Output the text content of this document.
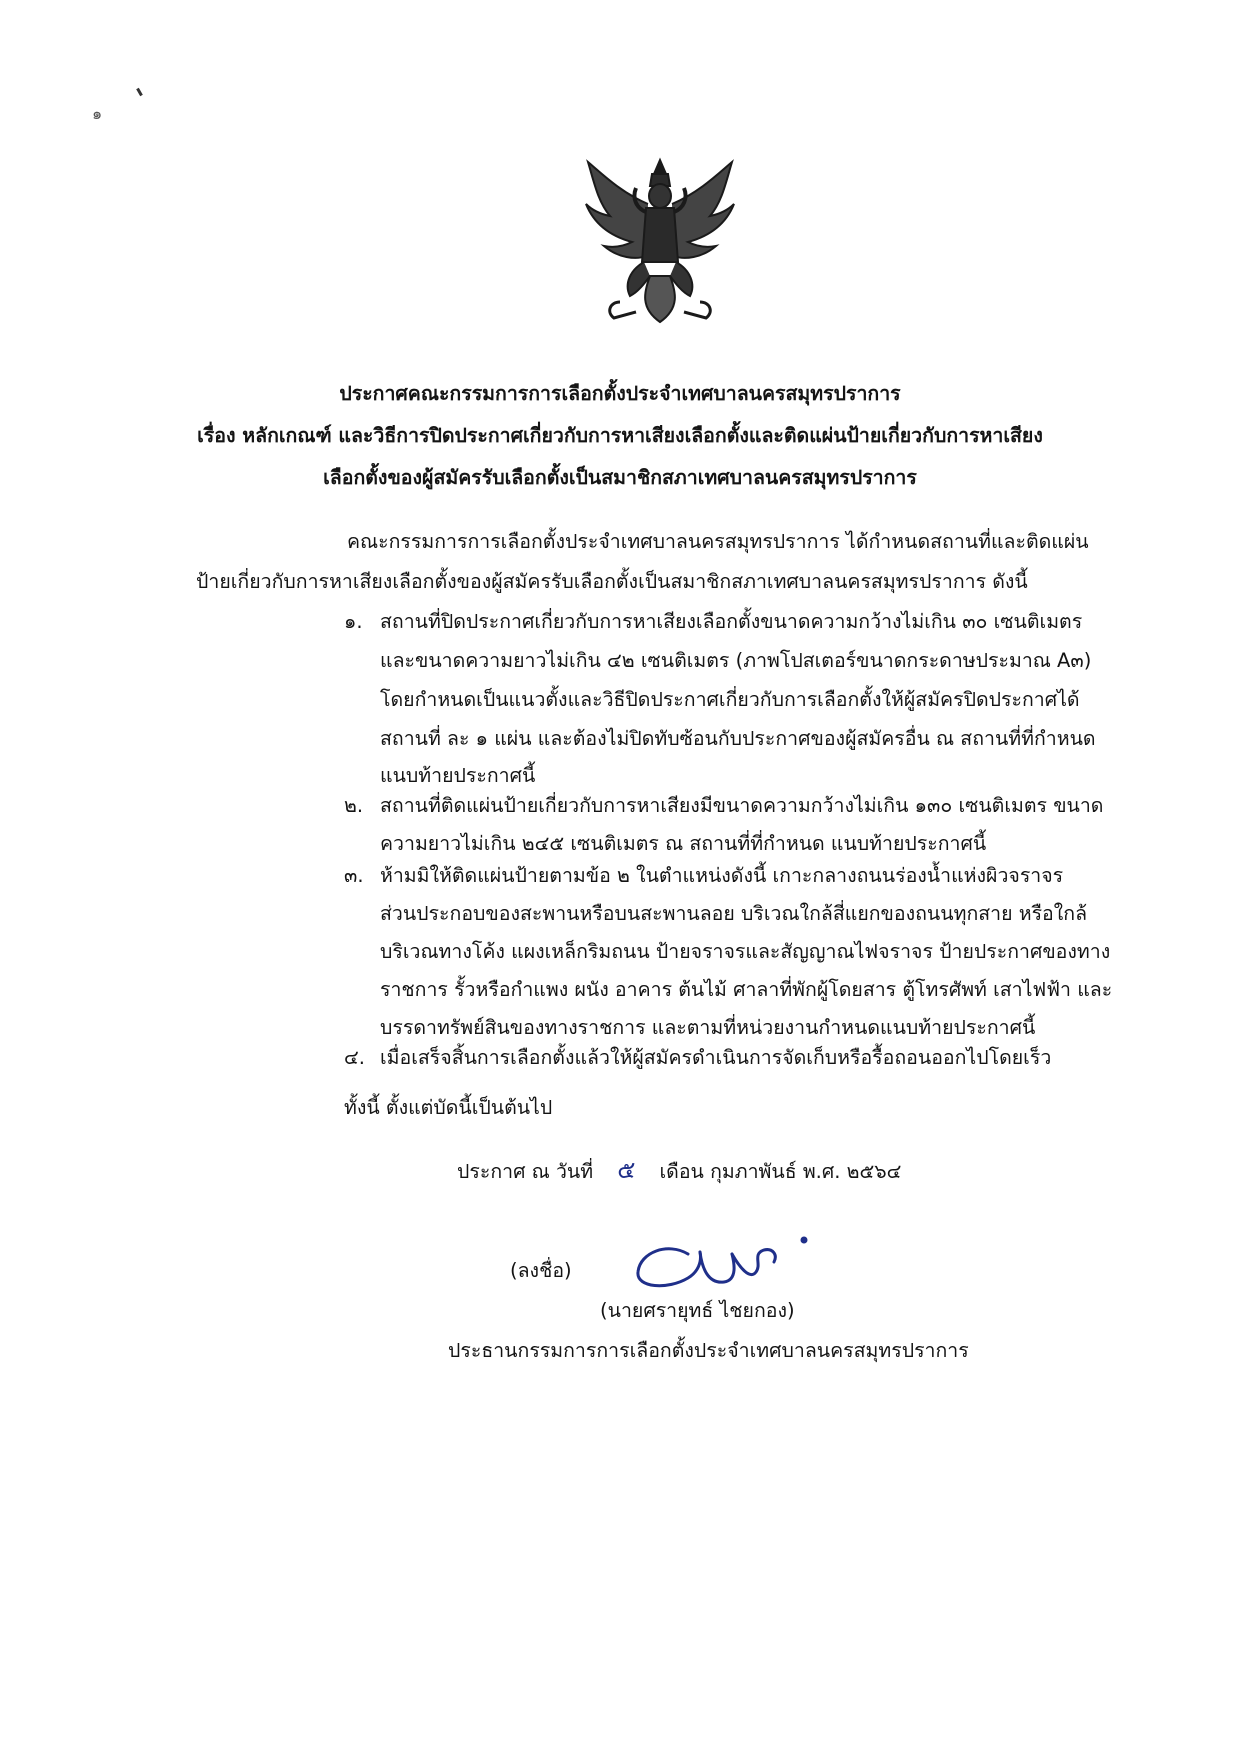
๑
ประกาศคณะกรรมการการเลือกตั้งประจำเทศบาลนครสมุทรปราการ
เรื่อง หลักเกณฑ์ และวิธีการปิดประกาศเกี่ยวกับการหาเสียงเลือกตั้งและติดแผ่นป้ายเกี่ยวกับการหาเสียง
เลือกตั้งของผู้สมัครรับเลือกตั้งเป็นสมาชิกสภาเทศบาลนครสมุทรปราการ
คณะกรรมการการเลือกตั้งประจำเทศบาลนครสมุทรปราการ ได้กำหนดสถานที่และติดแผ่น
ป้ายเกี่ยวกับการหาเสียงเลือกตั้งของผู้สมัครรับเลือกตั้งเป็นสมาชิกสภาเทศบาลนครสมุทรปราการ ดังนี้
๑. สถานที่ปิดประกาศเกี่ยวกับการหาเสียงเลือกตั้งขนาดความกว้างไม่เกิน ๓๐ เซนติเมตร
และขนาดความยาวไม่เกิน ๔๒ เซนติเมตร (ภาพโปสเตอร์ขนาดกระดาษประมาณ A๓)
โดยกำหนดเป็นแนวตั้งและวิธีปิดประกาศเกี่ยวกับการเลือกตั้งให้ผู้สมัครปิดประกาศได้
สถานที่ ละ ๑ แผ่น และต้องไม่ปิดทับซ้อนกับประกาศของผู้สมัครอื่น ณ สถานที่ที่กำหนด
แนบท้ายประกาศนี้
๒. สถานที่ติดแผ่นป้ายเกี่ยวกับการหาเสียงมีขนาดความกว้างไม่เกิน ๑๓๐ เซนติเมตร ขนาด
ความยาวไม่เกิน ๒๔๕ เซนติเมตร ณ สถานที่ที่กำหนด แนบท้ายประกาศนี้
๓. ห้ามมิให้ติดแผ่นป้ายตามข้อ ๒ ในตำแหน่งดังนี้ เกาะกลางถนนร่องน้ำแห่งผิวจราจร
ส่วนประกอบของสะพานหรือบนสะพานลอย บริเวณใกล้สี่แยกของถนนทุกสาย หรือใกล้
บริเวณทางโค้ง แผงเหล็กริมถนน ป้ายจราจรและสัญญาณไฟจราจร ป้ายประกาศของทาง
ราชการ รั้วหรือกำแพง ผนัง อาคาร ต้นไม้ ศาลาที่พักผู้โดยสาร ตู้โทรศัพท์ เสาไฟฟ้า และ
บรรดาทรัพย์สินของทางราชการ และตามที่หน่วยงานกำหนดแนบท้ายประกาศนี้
๔. เมื่อเสร็จสิ้นการเลือกตั้งแล้วให้ผู้สมัครดำเนินการจัดเก็บหรือรื้อถอนออกไปโดยเร็ว
ทั้งนี้ ตั้งแต่บัดนี้เป็นต้นไป
ประกาศ ณ วันที่ ๕ เดือน กุมภาพันธ์ พ.ศ. ๒๕๖๔
(ลงชื่อ)
(นายศรายุทธ์ ไชยกอง)
ประธานกรรมการการเลือกตั้งประจำเทศบาลนครสมุทรปราการ
